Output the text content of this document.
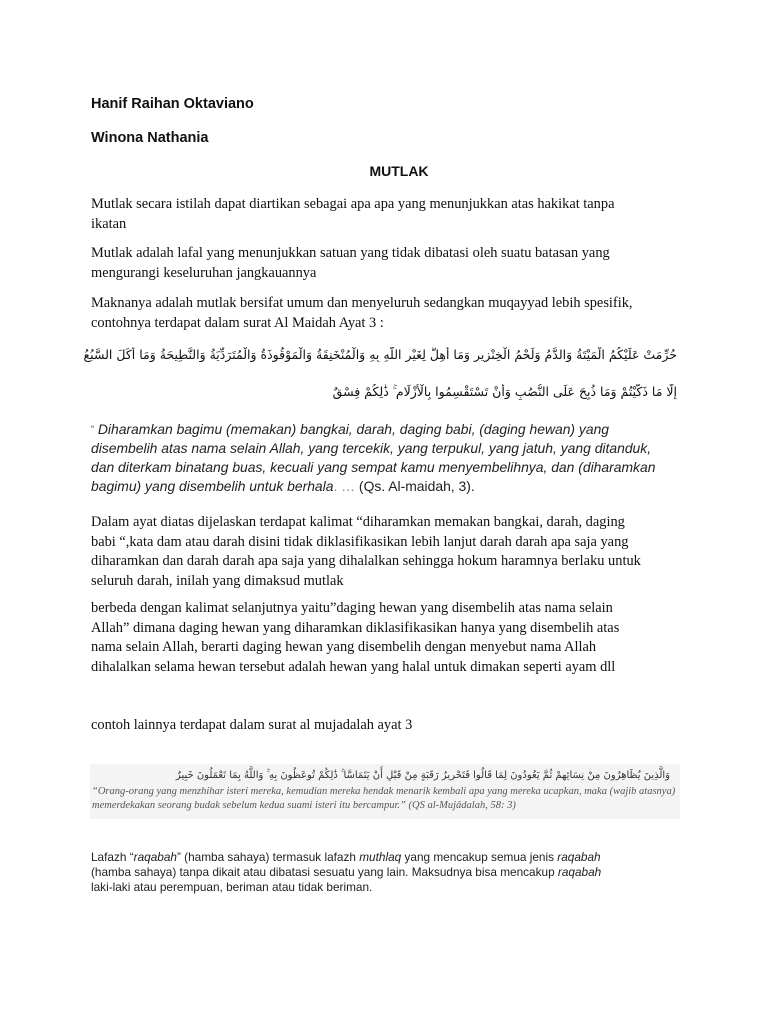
Hanif Raihan Oktaviano
Winona Nathania
MUTLAK
Mutlak secara istilah dapat diartikan sebagai apa apa yang menunjukkan atas hakikat tanpa ikatan
Mutlak adalah lafal yang menunjukkan satuan yang tidak dibatasi oleh suatu batasan yang mengurangi keseluruhan jangkauannya
Maknanya adalah mutlak bersifat umum dan menyeluruh sedangkan muqayyad lebih spesifik, contohnya terdapat dalam surat Al Maidah Ayat 3 :
حُرِّمَتْ عَلَيْكُمُ الْمَيْتَةُ وَالدَّمُ وَلَحْمُ الْخِنْزِيرِ وَمَا أُهِلَّ لِغَيْرِ اللَّهِ بِهِ وَالْمُنْخَنِقَةُ وَالْمَوْقُوذَةُ وَالْمُتَرَدِّيَةُ وَالنَّطِيحَةُ وَمَا أَكَلَ السَّبُعُ
إِلَّا مَا ذَكَّيْتُمْ وَمَا ذُبِحَ عَلَى النُّصُبِ وَأَنْ تَسْتَقْسِمُوا بِالْأَزْلَامِ ۚ ذَٰلِكُمْ فِسْقٌ
“ Diharamkan bagimu (memakan) bangkai, darah, daging babi, (daging hewan) yang disembelih atas nama selain Allah, yang tercekik, yang terpukul, yang jatuh, yang ditanduk, dan diterkam binatang buas, kecuali yang sempat kamu menyembelihnya, dan (diharamkan bagimu) yang disembelih untuk berhala. … (Qs. Al-maidah, 3).
Dalam ayat diatas dijelaskan terdapat kalimat “diharamkan memakan bangkai, darah, daging babi “,kata dam atau darah disini tidak diklasifikasikan lebih lanjut darah darah apa saja yang diharamkan dan darah darah apa saja yang dihalalkan sehingga hokum haramnya berlaku untuk seluruh darah, inilah yang dimaksud mutlak
berbeda dengan kalimat selanjutnya yaitu”daging hewan yang disembelih atas nama selain Allah” dimana daging hewan yang diharamkan diklasifikasikan hanya yang disembelih atas nama selain Allah, berarti daging hewan yang disembelih dengan menyebut nama Allah dihalalkan selama hewan tersebut adalah hewan yang halal untuk dimakan seperti ayam dll
contoh lainnya terdapat dalam surat al mujadalah ayat 3
وَالَّذِينَ يُظَاهِرُونَ مِنْ نِسَائِهِمْ ثُمَّ يَعُودُونَ لِمَا قَالُوا فَتَحْرِيرُ رَقَبَةٍ مِنْ قَبْلِ أَنْ يَتَمَاسَّا ۚ ذَٰلِكُمْ تُوعَظُونَ بِهِ ۚ وَاللَّهُ بِمَا تَعْمَلُونَ خَبِيرٌ
“Orang-orang yang menzhihar isteri mereka, kemudian mereka hendak menarik kembali apa yang mereka ucapkan, maka (wajib atasnya) memerdekakan seorang budak sebelum kedua suami isteri itu bercampur.” (QS al-Mujâdalah, 58: 3)
Lafazh “raqabah” (hamba sahaya) termasuk lafazh muthlaq yang mencakup semua jenis raqabah (hamba sahaya) tanpa dikait atau dibatasi sesuatu yang lain. Maksudnya bisa mencakup raqabah laki-laki atau perempuan, beriman atau tidak beriman.
